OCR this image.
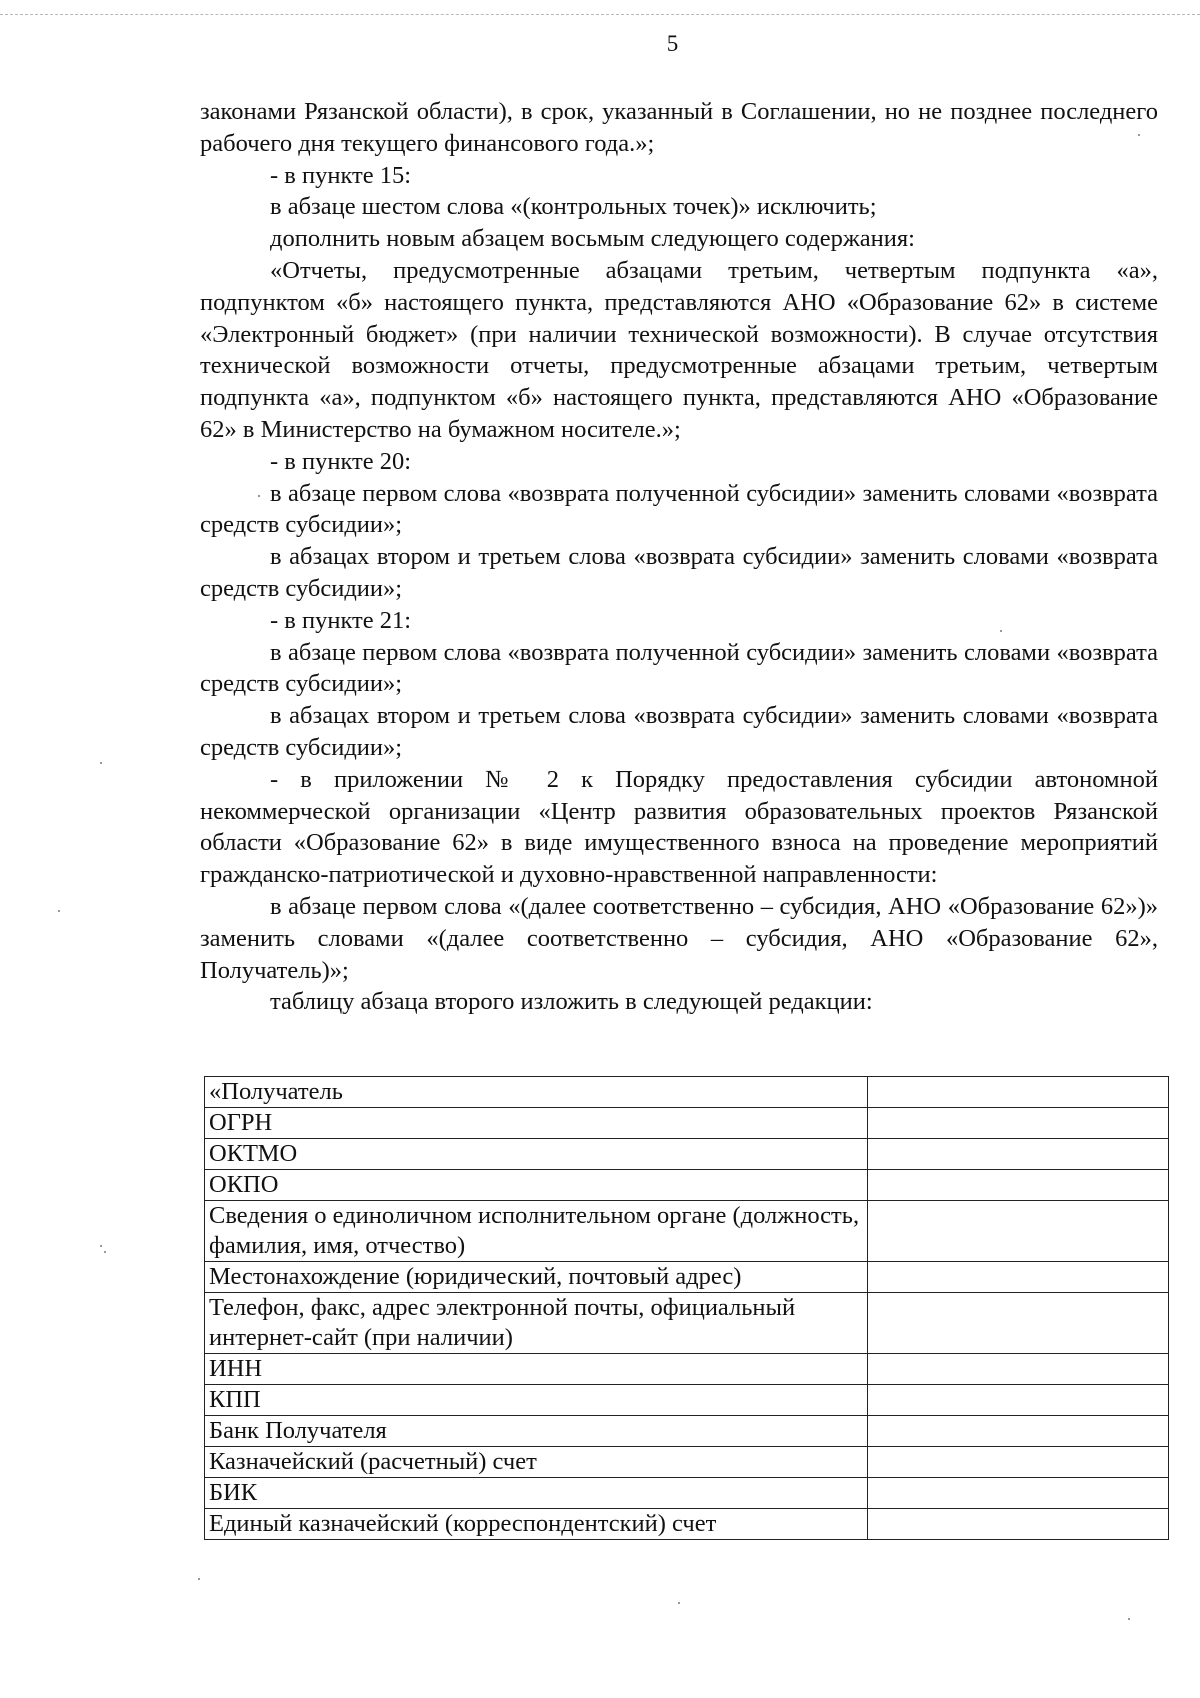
5

законами Рязанской области), в срок, указанный в Соглашении, но не позднее последнего рабочего дня текущего финансового года.»;

- в пункте 15:

в абзаце шестом слова «(контрольных точек)» исключить;

дополнить новым абзацем восьмым следующего содержания:

«Отчеты, предусмотренные абзацами третьим, четвертым подпункта «а», подпунктом «б» настоящего пункта, представляются АНО «Образование 62» в системе «Электронный бюджет» (при наличии технической возможности). В случае отсутствия технической возможности отчеты, предусмотренные абзацами третьим, четвертым подпункта «а», подпунктом «б» настоящего пункта, представляются АНО «Образование 62» в Министерство на бумажном носителе.»;

- в пункте 20:

в абзаце первом слова «возврата полученной субсидии» заменить словами «возврата средств субсидии»;

в абзацах втором и третьем слова «возврата субсидии» заменить словами «возврата средств субсидии»;

- в пункте 21:

в абзаце первом слова «возврата полученной субсидии» заменить словами «возврата средств субсидии»;

в абзацах втором и третьем слова «возврата субсидии» заменить словами «возврата средств субсидии»;

- в приложении № 2 к Порядку предоставления субсидии автономной некоммерческой организации «Центр развития образовательных проектов Рязанской области «Образование 62» в виде имущественного взноса на проведение мероприятий гражданско-патриотической и духовно-нравственной направленности:

в абзаце первом слова «(далее соответственно – субсидия, АНО «Образование 62»)» заменить словами «(далее соответственно – субсидия, АНО «Образование 62», Получатель)»;

таблицу абзаца второго изложить в следующей редакции:

«Получатель	
ОГРН	
ОКТМО	
ОКПО	
Сведения о единоличном исполнительном органе (должность, фамилия, имя, отчество)	
Местонахождение (юридический, почтовый адрес)	
Телефон, факс, адрес электронной почты, официальный интернет-сайт (при наличии)	
ИНН	
КПП	
Банк Получателя	
Казначейский (расчетный) счет	
БИК	
Единый казначейский (корреспондентский) счет	
